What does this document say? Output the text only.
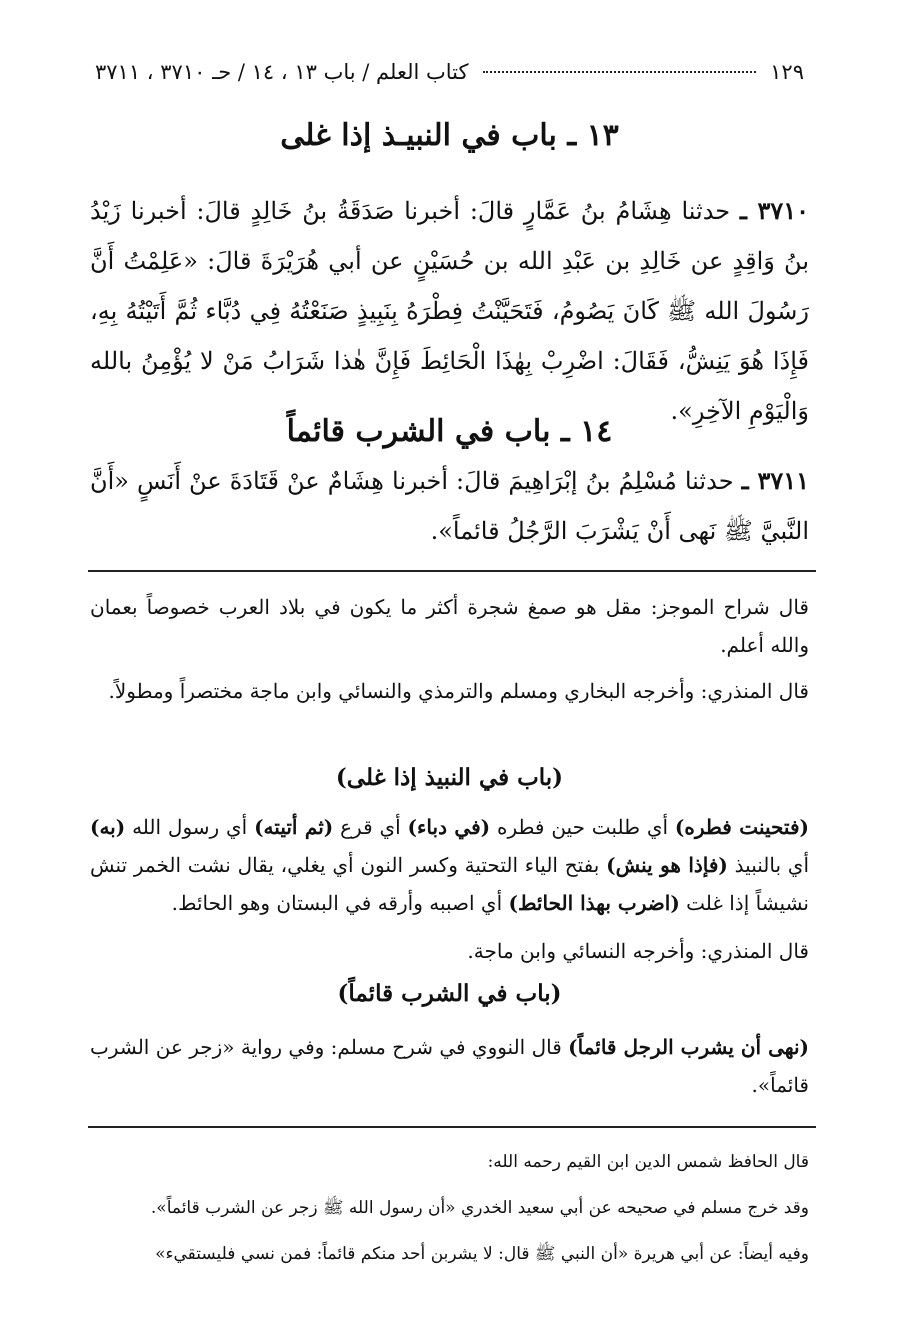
كتاب العلم / باب ١٣ ، ١٤ / حـ ٣٧١٠ ، ٣٧١١	١٢٩
١٣ ـ باب في النبيـذ إذا غلى
٣٧١٠ ـ حدثنا هِشَامُ بنُ عَمَّارٍ قالَ: أخبرنا صَدَقَةُ بنُ خَالِدٍ قالَ: أخبرنا زَيْدُ بنُ وَاقِدٍ عن خَالِدِ بن عَبْدِ الله بن حُسَيْنٍ عن أبي هُرَيْرَةَ قالَ: «عَلِمْتُ أَنَّ رَسُولَ الله ﷺ كَانَ يَصُومُ، فَتَحَيَّنْتُ فِطْرَهُ بِنَبِيذٍ صَنَعْتُهُ فِي دُبَّاء ثُمَّ أَتَيْتُهُ بِهِ، فَإِذَا هُوَ يَنِشُّ، فَقَالَ: اضْرِبْ بِهٰذَا الْحَائِطَ فَإِنَّ هٰذا شَرَابُ مَنْ لا يُؤْمِنُ بالله وَالْيَوْمِ الآخِرِ».
١٤ ـ باب في الشرب قائماً
٣٧١١ ـ حدثنا مُسْلِمُ بنُ إبْرَاهِيمَ قالَ: أخبرنا هِشَامٌ عنْ قَتَادَةَ عنْ أَنَسٍ «أَنَّ النَّبيَّ ﷺ نَهى أَنْ يَشْرَبَ الرَّجُلُ قائماً».
قال شراح الموجز: مقل هو صمغ شجرة أكثر ما يكون في بلاد العرب خصوصاً بعمان والله أعلم.
قال المنذري: وأخرجه البخاري ومسلم والترمذي والنسائي وابن ماجة مختصراً ومطولاً.
(باب في النبيذ إذا غلى)
(فتحينت فطره) أي طلبت حين فطره (في دباء) أي قرع (ثم أتيته) أي رسول الله (به) أي بالنبيذ (فإذا هو ينش) بفتح الياء التحتية وكسر النون أي يغلي، يقال نشت الخمر تنش نشيشاً إذا غلت (اضرب بهذا الحائط) أي اصببه وأرقه في البستان وهو الحائط.
قال المنذري: وأخرجه النسائي وابن ماجة.
(باب في الشرب قائماً)
(نهى أن يشرب الرجل قائماً) قال النووي في شرح مسلم: وفي رواية «زجر عن الشرب قائماً».
قال الحافظ شمس الدين ابن القيم رحمه الله:
وقد خرج مسلم في صحيحه عن أبي سعيد الخدري «أن رسول الله ﷺ زجر عن الشرب قائماً».
وفيه أيضاً: عن أبي هريرة «أن النبي ﷺ قال: لا يشربن أحد منكم قائماً: فمن نسي فليستقيء»
